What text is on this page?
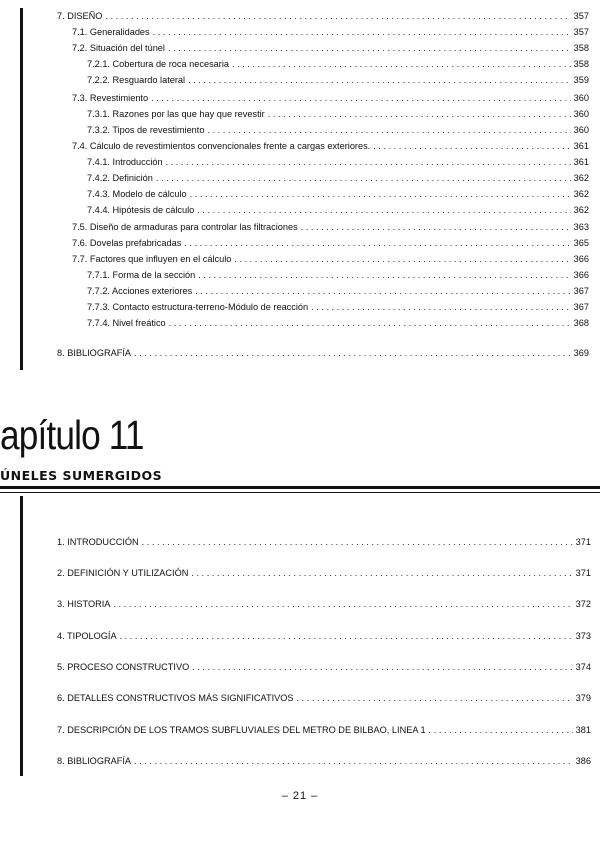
7. DISEÑO . . .	357
7.1. Generalidades . . .	357
7.2. Situación del túnel . . .	358
7.2.1. Cobertura de roca necesaria . . .	358
7.2.2. Resguardo lateral . . .	359
7.3. Revestimiento . . .	360
7.3.1. Razones por las que hay que revestir . . .	360
7.3.2. Tipos de revestimiento . . .	360
7.4. Cálculo de revestimientos convencionales frente a cargas exteriores. . . .	361
7.4.1. Introducción . . .	361
7.4.2. Definición . . .	362
7.4.3. Modelo de cálculo . . .	362
7.4.4. Hipótesis de cálculo . . .	362
7.5. Diseño de armaduras para controlar las filtraciones . . .	363
7.6. Dovelas prefabricadas . . .	365
7.7. Factores que influyen en el cálculo . . .	366
7.7.1. Forma de la sección . . .	366
7.7.2. Acciones exteriores . . .	367
7.7.3. Contacto estructura-terreno-Módulo de reacción . . .	367
7.7.4. Nivel freático . . .	368
8. BIBLIOGRAFÍA . . .	369
apítulo 11
ÚNELES SUMERGIDOS
1. INTRODUCCIÓN . . .	371
2. DEFINICIÓN Y UTILIZACIÓN . . .	371
3. HISTORIA . . .	372
4. TIPOLOGÍA . . .	373
5. PROCESO CONSTRUCTIVO . . .	374
6. DETALLES CONSTRUCTIVOS MÁS SIGNIFICATIVOS . . .	379
7. DESCRIPCIÓN DE LOS TRAMOS SUBFLUVIALES DEL METRO DE BILBAO, LINEA 1 . . . .	381
8. BIBLIOGRAFÍA . . .	386
– 21 –
